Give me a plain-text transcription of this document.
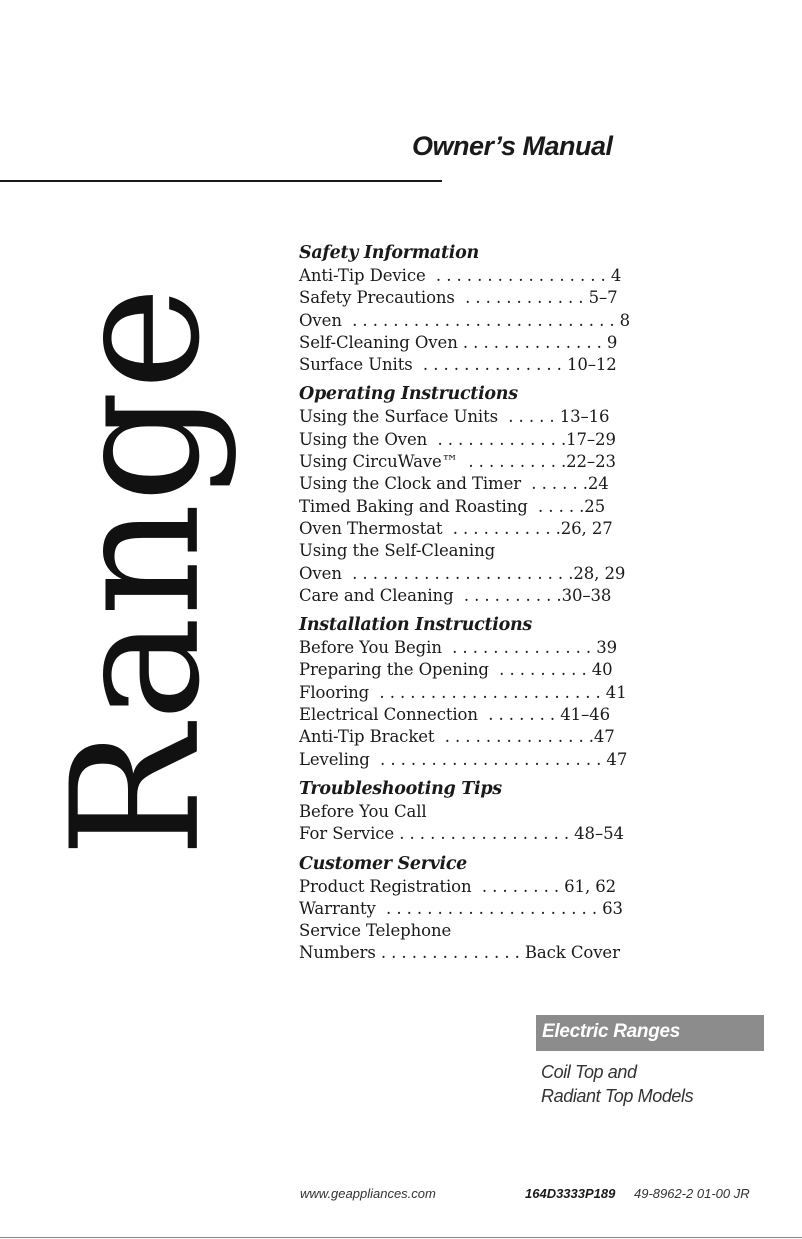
Owner’s Manual
Range
Safety Information
Anti-Tip Device  . . . . . . . . . . . . . . . . . 4
Safety Precautions  . . . . . . . . . . . . 5–7
Oven  . . . . . . . . . . . . . . . . . . . . . . . . . . 8
Self-Cleaning Oven . . . . . . . . . . . . . . 9
Surface Units  . . . . . . . . . . . . . . 10–12
Operating Instructions
Using the Surface Units  . . . . . 13–16
Using the Oven  . . . . . . . . . . . . .17–29
Using CircuWave™  . . . . . . . . . .22–23
Using the Clock and Timer  . . . . . .24
Timed Baking and Roasting  . . . . .25
Oven Thermostat  . . . . . . . . . . .26, 27
Using the Self-Cleaning
Oven  . . . . . . . . . . . . . . . . . . . . . .28, 29
Care and Cleaning  . . . . . . . . . .30–38
Installation Instructions
Before You Begin  . . . . . . . . . . . . . . 39
Preparing the Opening  . . . . . . . . . 40
Flooring  . . . . . . . . . . . . . . . . . . . . . . 41
Electrical Connection  . . . . . . . 41–46
Anti-Tip Bracket  . . . . . . . . . . . . . . .47
Leveling  . . . . . . . . . . . . . . . . . . . . . . 47
Troubleshooting Tips
Before You Call
For Service . . . . . . . . . . . . . . . . . 48–54
Customer Service
Product Registration  . . . . . . . . 61, 62
Warranty  . . . . . . . . . . . . . . . . . . . . . 63
Service Telephone
Numbers . . . . . . . . . . . . . . Back Cover
Electric Ranges
Coil Top and
Radiant Top Models
www.geappliances.com	164D3333P189 49-8962-2 01-00 JR
